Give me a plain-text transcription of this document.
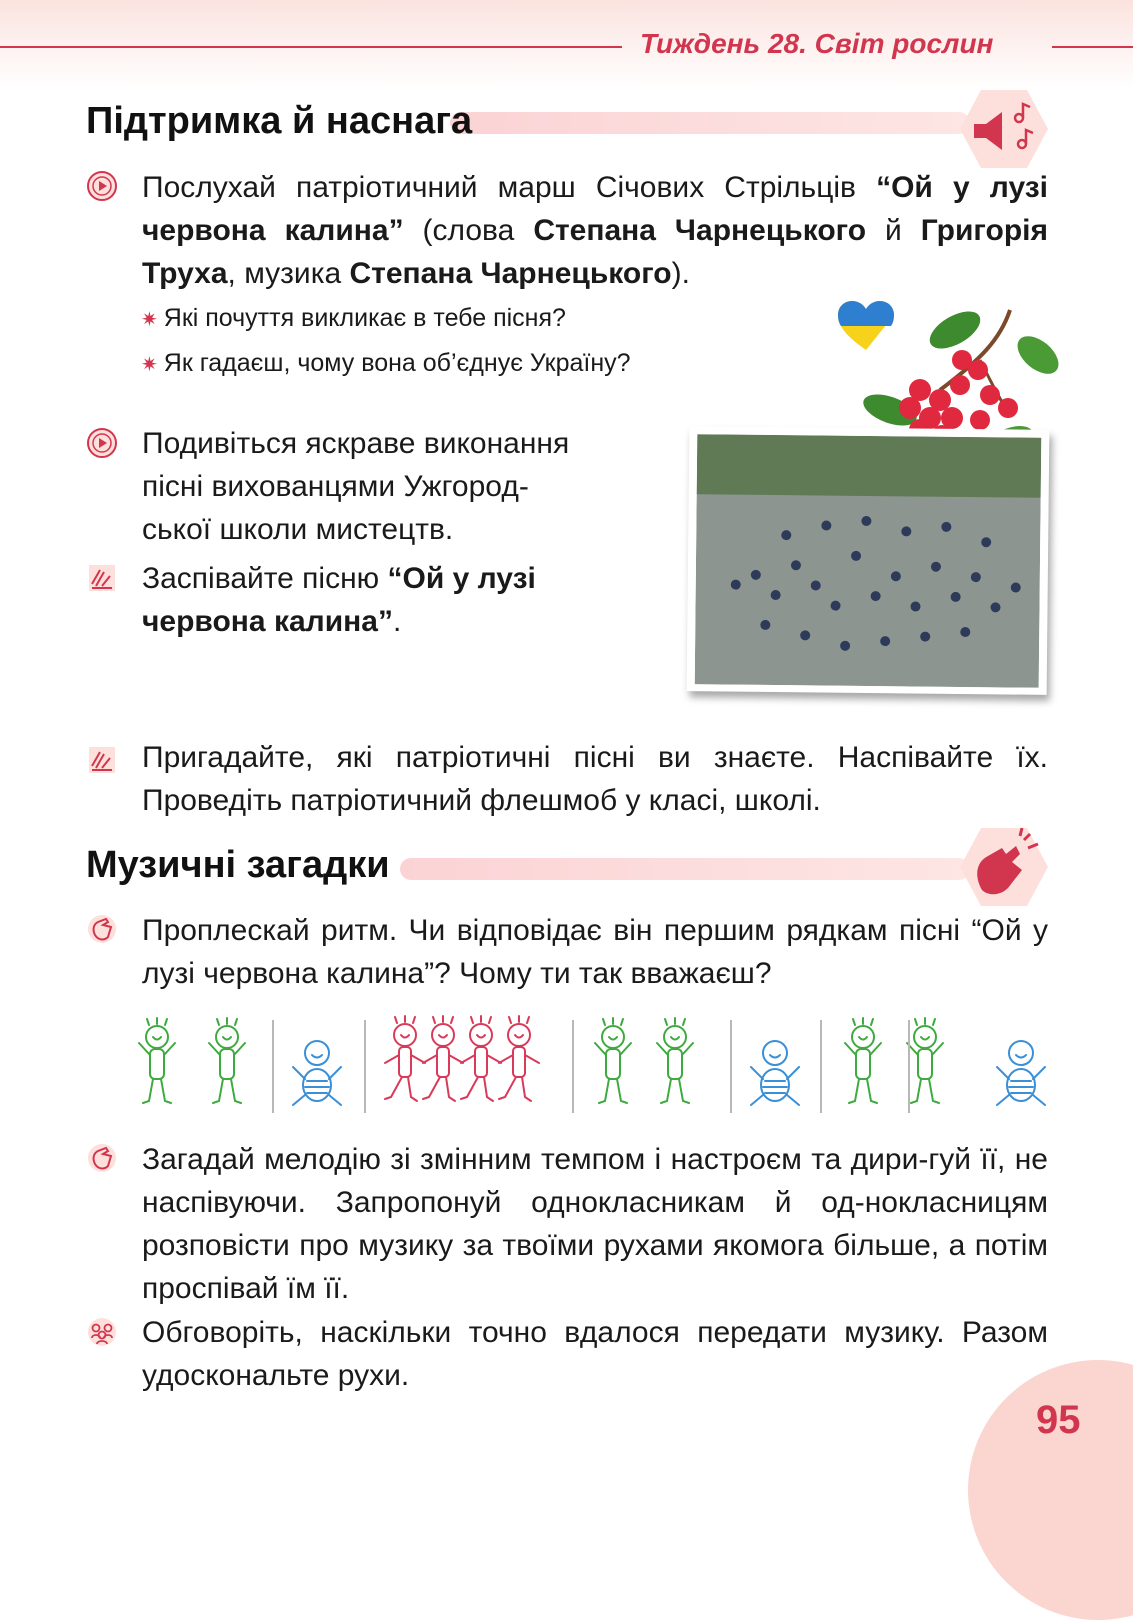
Тиждень 28. Світ рослин
Підтримка й наснага

Послухай патріотичний марш Січових Стрільців “Ой у лузі червона калина” (слова Степана Чарнецького й Григорія Труха, музика Степана Чарнецького).

✷ Які почуття викликає в тебе пісня?
✷ Як гадаєш, чому вона об’єднує Україну?

Подивіться яскраве виконання
пісні вихованцями Ужгород-
ської школи мистецтв.

Заспівайте пісню “Ой у лузі
червона калина”.

Пригадайте, які патріотичні пісні ви знаєте. Наспівайте їх. Проведіть патріотичний флешмоб у класі, школі.

Музичні загадки

Проплескай ритм. Чи відповідає він першим рядкам пісні “Ой у лузі червона калина”? Чому ти так вважаєш?

Загадай мелодію зі змінним темпом і настроєм та дири-гуй її, не наспівуючи. Запропонуй однокласникам й од-нокласницям розповісти про музику за твоїми рухами якомога більше, а потім проспівай їм її.

Обговоріть, наскільки точно вдалося передати музику. Разом удоскональте рухи.

95
